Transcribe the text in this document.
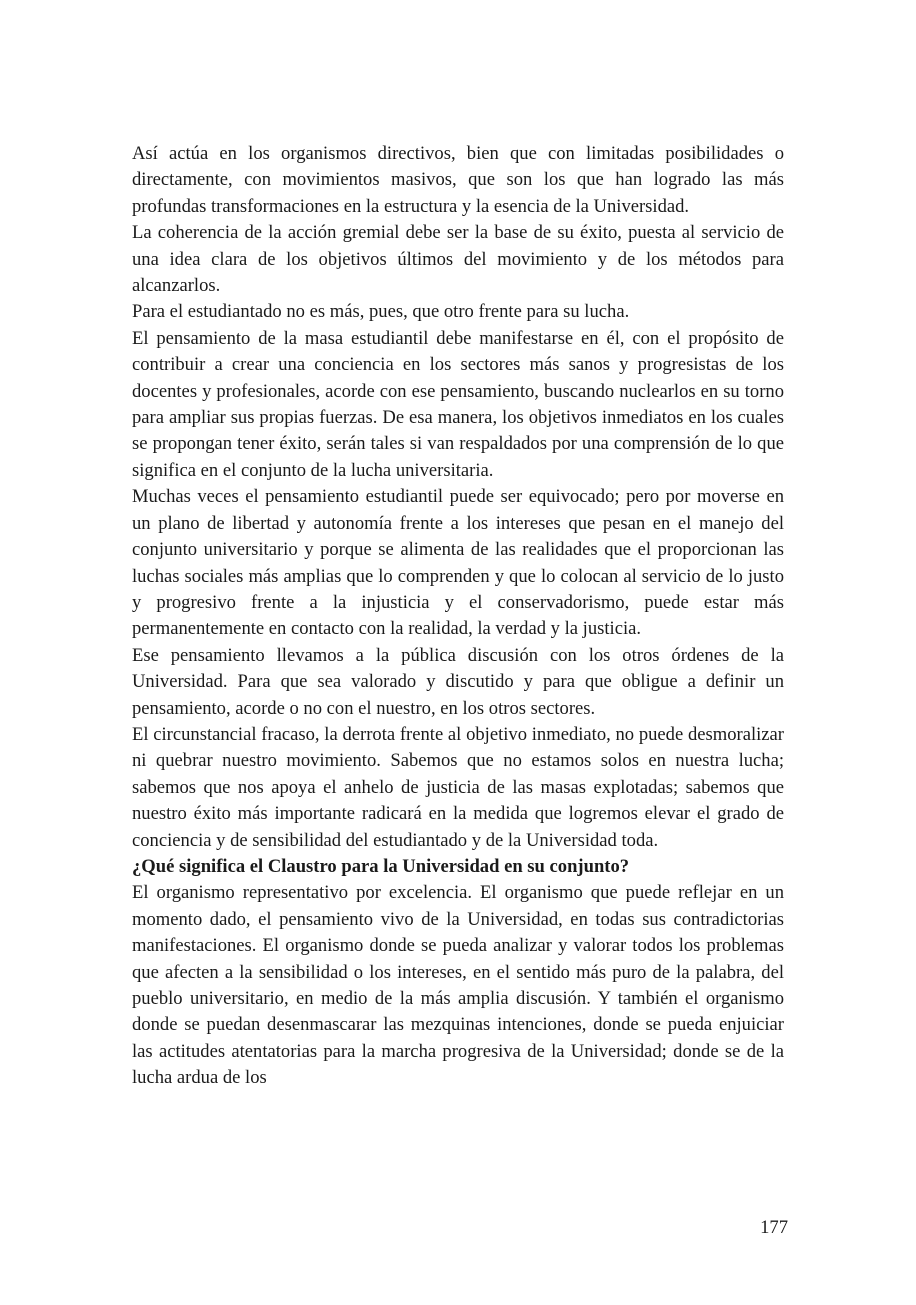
Así actúa en los organismos directivos, bien que con limitadas posibilidades o directamente, con movimientos masivos, que son los que han logrado las más profundas transformaciones en la estructura y la esencia de la Universidad.

La coherencia de la acción gremial debe ser la base de su éxito, puesta al servicio de una idea clara de los objetivos últimos del movimiento y de los métodos para alcanzarlos.

Para el estudiantado no es más, pues, que otro frente para su lucha.

El pensamiento de la masa estudiantil debe manifestarse en él, con el propósito de contribuir a crear una conciencia en los sectores más sanos y progresistas de los docentes y profesionales, acorde con ese pensamiento, buscando nuclearlos en su torno para ampliar sus propias fuerzas. De esa manera, los objetivos inmediatos en los cuales se propongan tener éxito, serán tales si van respaldados por una comprensión de lo que significa en el conjunto de la lucha universitaria.

Muchas veces el pensamiento estudiantil puede ser equivocado; pero por moverse en un plano de libertad y autonomía frente a los intereses que pesan en el manejo del conjunto universitario y porque se alimenta de las realidades que el proporcionan las luchas sociales más amplias que lo comprenden y que lo colocan al servicio de lo justo y progresivo frente a la injusticia y el conservadorismo, puede estar más permanentemente en contacto con la realidad, la verdad y la justicia.

Ese pensamiento llevamos a la pública discusión con los otros órdenes de la Universidad. Para que sea valorado y discutido y para que obligue a definir un pensamiento, acorde o no con el nuestro, en los otros sectores.

El circunstancial fracaso, la derrota frente al objetivo inmediato, no puede desmoralizar ni quebrar nuestro movimiento. Sabemos que no estamos solos en nuestra lucha; sabemos que nos apoya el anhelo de justicia de las masas explotadas; sabemos que nuestro éxito más importante radicará en la medida que logremos elevar el grado de conciencia y de sensibilidad del estudiantado y de la Universidad toda.

¿Qué significa el Claustro para la Universidad en su conjunto?

El organismo representativo por excelencia. El organismo que puede reflejar en un momento dado, el pensamiento vivo de la Universidad, en todas sus contradictorias manifestaciones. El organismo donde se pueda analizar y valorar todos los problemas que afecten a la sensibilidad o los intereses, en el sentido más puro de la palabra, del pueblo universitario, en medio de la más amplia discusión. Y también el organismo donde se puedan desenmascarar las mezquinas intenciones, donde se pueda enjuiciar las actitudes atentatorias para la marcha progresiva de la Universidad; donde se de la lucha ardua de los

177
